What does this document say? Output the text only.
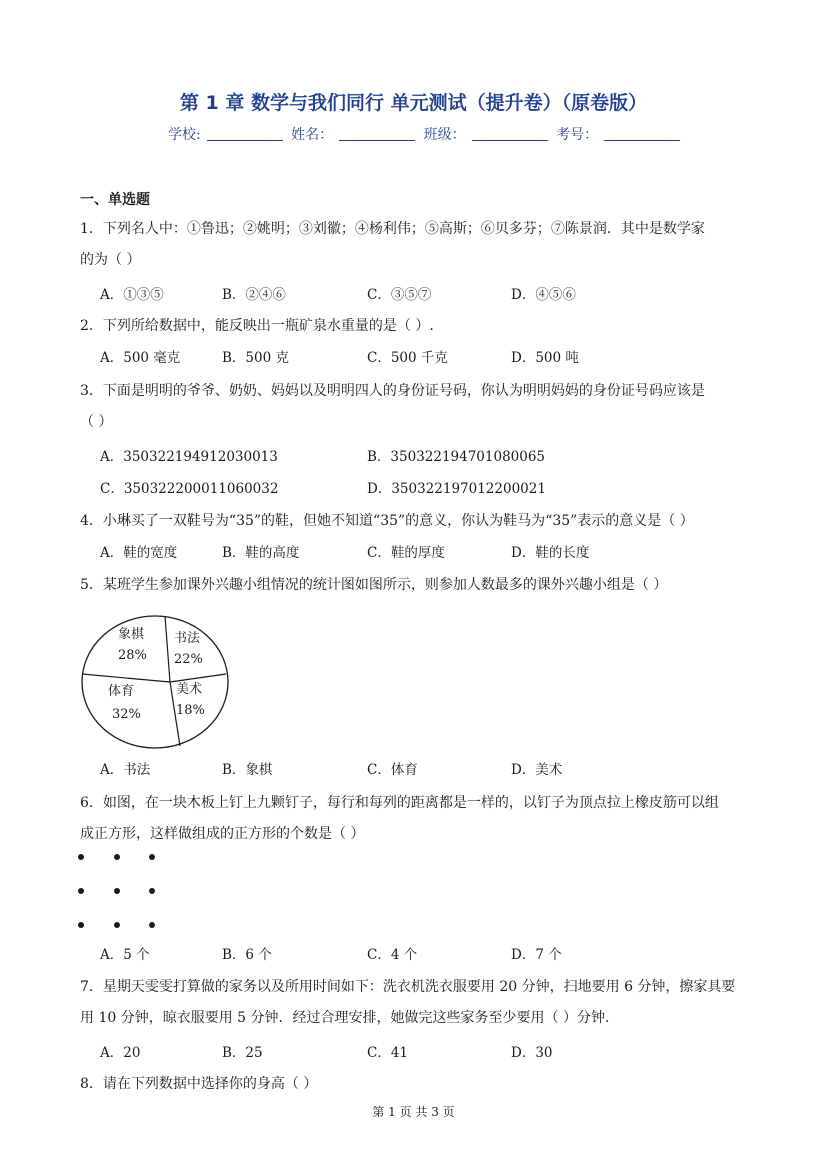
第 1 章 数学与我们同行 单元测试（提升卷）（原卷版）
学校:	姓名：	班级：	考号：
一、单选题
1．下列名人中：①鲁迅；②姚明；③刘徽；④杨利伟；⑤高斯；⑥贝多芬；⑦陈景润．其中是数学家
的为（ ）
A．①③⑤	B．②④⑥	C．③⑤⑦	D．④⑤⑥
2．下列所给数据中，能反映出一瓶矿泉水重量的是（ ）.
A．500 毫克	B．500 克	C．500 千克	D．500 吨
3．下面是明明的爷爷、奶奶、妈妈以及明明四人的身份证号码，你认为明明妈妈的身份证号码应该是
（ ）
A．350322194912030013	B．350322194701080065
C．350322200011060032	D．350322197012200021
4．小琳买了一双鞋号为“35”的鞋，但她不知道“35”的意义，你认为鞋马为“35”表示的意义是（ ）
A．鞋的宽度	B．鞋的高度	C．鞋的厚度	D．鞋的长度
5．某班学生参加课外兴趣小组情况的统计图如图所示，则参加人数最多的课外兴趣小组是（ ）
象棋
28%
书法
22%
美术
18%
体育
32%
A．书法	B．象棋	C．体育	D．美术
6．如图，在一块木板上钉上九颗钉子，每行和每列的距离都是一样的，以钉子为顶点拉上橡皮筋可以组
成正方形，这样做组成的正方形的个数是（ ）
A．5 个	B．6 个	C．4 个	D．7 个
7．星期天雯雯打算做的家务以及所用时间如下：洗衣机洗衣服要用 20 分钟，扫地要用 6 分钟，擦家具要
用 10 分钟，晾衣服要用 5 分钟．经过合理安排，她做完这些家务至少要用（ ）分钟.
A．20	B．25	C．41	D．30
8．请在下列数据中选择你的身高（ ）
第 1 页 共 3 页
